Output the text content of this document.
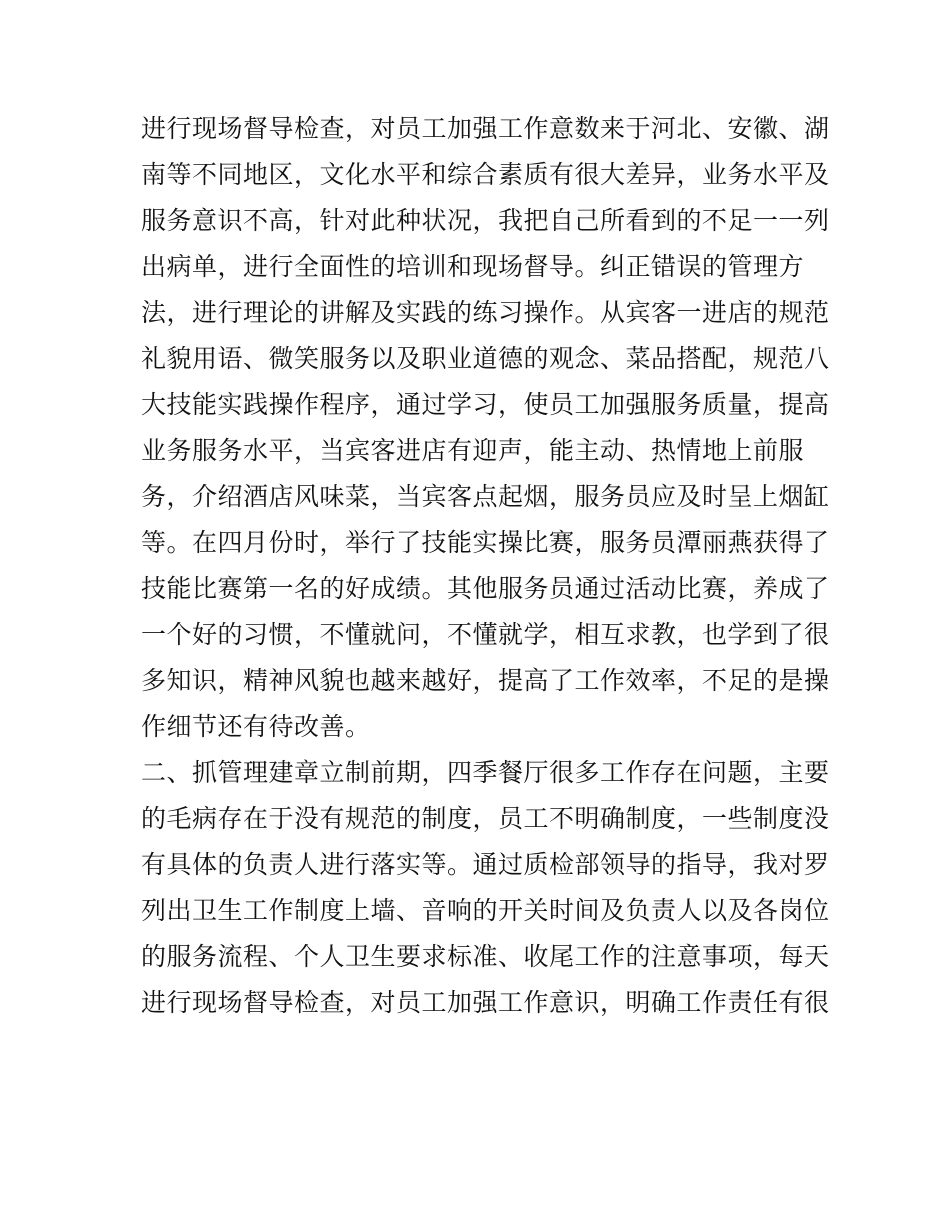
进行现场督导检查，对员工加强工作意数来于河北、安徽、湖
南等不同地区，文化水平和综合素质有很大差异，业务水平及
服务意识不高，针对此种状况，我把自己所看到的不足一一列
出病单，进行全面性的培训和现场督导。纠正错误的管理方
法，进行理论的讲解及实践的练习操作。从宾客一进店的规范
礼貌用语、微笑服务以及职业道德的观念、菜品搭配，规范八
大技能实践操作程序，通过学习，使员工加强服务质量，提高
业务服务水平，当宾客进店有迎声，能主动、热情地上前服
务，介绍酒店风味菜，当宾客点起烟，服务员应及时呈上烟缸
等。在四月份时，举行了技能实操比赛，服务员潭丽燕获得了
技能比赛第一名的好成绩。其他服务员通过活动比赛，养成了
一个好的习惯，不懂就问，不懂就学，相互求教，也学到了很
多知识，精神风貌也越来越好，提高了工作效率，不足的是操
作细节还有待改善。
二、抓管理建章立制前期，四季餐厅很多工作存在问题，主要
的毛病存在于没有规范的制度，员工不明确制度，一些制度没
有具体的负责人进行落实等。通过质检部领导的指导，我对罗
列出卫生工作制度上墙、音响的开关时间及负责人以及各岗位
的服务流程、个人卫生要求标准、收尾工作的注意事项，每天
进行现场督导检查，对员工加强工作意识，明确工作责任有很
